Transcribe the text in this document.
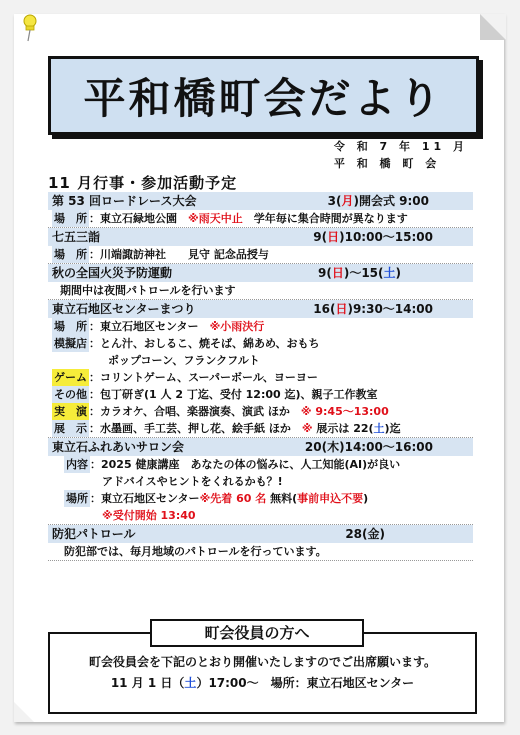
平和橋町会だより
令 和 7 年 11 月
平 和 橋 町 会
11 月行事・参加活動予定
第 53 回ロードレース大会	3(月)開会式 9:00
場　所 ：東立石緑地公園　 ※雨天中止　学年毎に集合時間が異なります
七五三詣	9(日)10:00～15:00
場　所 ：川端諏訪神社　　見守 記念品授与
秋の全国火災予防運動	9(日)～15(土)
期間中は夜間パトロールを行います
東立石地区センターまつり	16(日)9:30～14:00
場　所 ：東立石地区センター　 ※小雨決行
模擬店 ：とん汁、おしるこ、焼そば、綿あめ、おもち
ポップコーン、フランクフルト
ゲーム ：コリントゲーム、スーパーボール、ヨーヨー
その他 ：包丁研ぎ(1 人 2 丁迄、受付 12:00 迄)、親子工作教室
実　演 ：カラオケ、合唱、楽器演奏、演武 ほか　 ※ 9:45～13:00
展　示 ：水墨画、手工芸、押し花、絵手紙 ほか　 ※ 展示は 22(土)迄
東立石ふれあいサロン会	20(木)14:00～16:00
内容 ：2025 健康講座　あなたの体の悩みに、人工知能(AI)が良い
アドバイスやヒントをくれるかも？!
場所 ：東立石地区センター※先着 60 名 無料(事前申込不要)
※受付開始 13:40
防犯パトロール	28(金)
防犯部では、毎月地域のパトロールを行っています。
町会役員の方へ
町会役員会を下記のとおり開催いたしますのでご出席願います。
11 月 1 日（土）17:00～　場所：東立石地区センター
